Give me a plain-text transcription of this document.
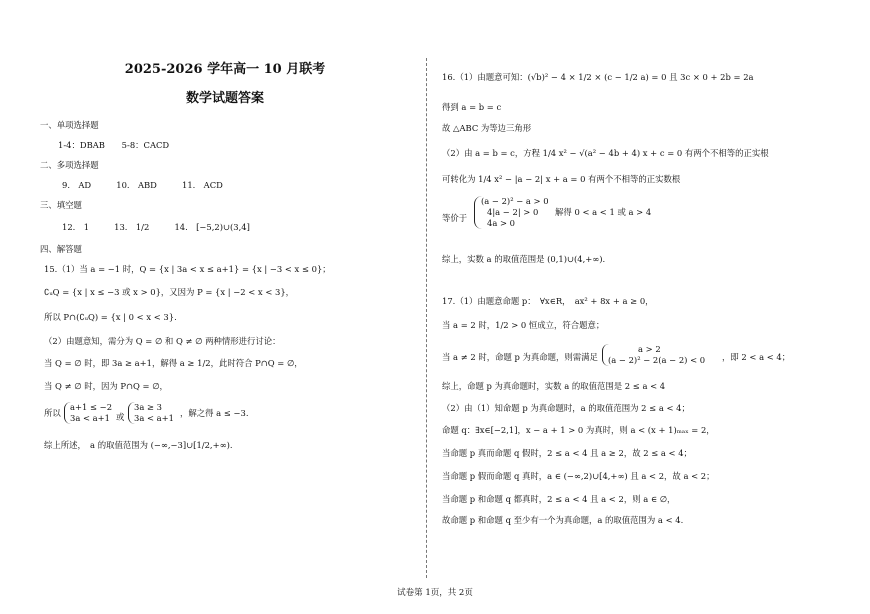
2025-2026 学年高一 10 月联考
数学试题答案
一、单项选择题
1-4：DBAB　　5-8：CACD
二、多项选择题
9.　AD　　　10.　ABD　　　11.　ACD
三、填空题
12.　1　　　13.　1/2　　　14.　[−5,2)∪(3,4]
四、解答题
15.（1）当 a = −1 时，Q = {x | 3a < x ≤ a+1} = {x | −3 < x ≤ 0}；
∁ᵤQ = {x | x ≤ −3 或 x > 0}，又因为 P = {x | −2 < x < 3}，
所以 P∩(∁ᵤQ) = {x | 0 < x < 3}.
（2）由题意知，需分为 Q = ∅ 和 Q ≠ ∅ 两种情形进行讨论：
当 Q = ∅ 时，即 3a ≥ a+1，解得 a ≥ 1/2，此时符合 P∩Q = ∅，
当 Q ≠ ∅ 时，因为 P∩Q = ∅，
所以
a+1 ≤ −2
3a < a+1 或
3a ≥ 3
3a < a+1 ，解之得 a ≤ −3.
综上所述，　a 的取值范围为 (−∞,−3]∪[1/2,+∞).
16.（1）由题意可知：(√b)² − 4 × 1/2 × (c − 1/2 a) = 0 且 3c × 0 + 2b = 2a
得到 a = b = c
故 △ABC 为等边三角形
（2）由 a = b = c，方程 1/4 x² − √(a² − 4b + 4) x + c = 0 有两个不相等的正实根
可转化为 1/4 x² − |a − 2| x + a = 0 有两个不相等的正实数根
等价于
(a − 2)² − a > 0
4|a − 2| > 0　　解得 0 < a < 1 或 a > 4
4a > 0
综上，实数 a 的取值范围是 (0,1)∪(4,+∞).
17.（1）由题意命题 p：　∀x∈R，　ax² + 8x + a ≥ 0，
当 a = 2 时，1/2 > 0 恒成立，符合题意；
当 a ≠ 2 时，命题 p 为真命题，则需满足
a > 2
(a − 2)² − 2(a − 2) < 0 ，即 2 < a < 4；
综上，命题 p 为真命题时，实数 a 的取值范围是 2 ≤ a < 4
（2）由（1）知命题 p 为真命题时，a 的取值范围为 2 ≤ a < 4；
命题 q：∃x∈[−2,1]，x − a + 1 > 0 为真时，则 a < (x + 1)ₘₐₓ = 2，
当命题 p 真而命题 q 假时，2 ≤ a < 4 且 a ≥ 2，故 2 ≤ a < 4；
当命题 p 假而命题 q 真时，a ∈ (−∞,2)∪[4,+∞) 且 a < 2，故 a < 2；
当命题 p 和命题 q 都真时，2 ≤ a < 4 且 a < 2，则 a ∈ ∅，
故命题 p 和命题 q 至少有一个为真命题，a 的取值范围为 a < 4.
试卷第 1页，共 2页
